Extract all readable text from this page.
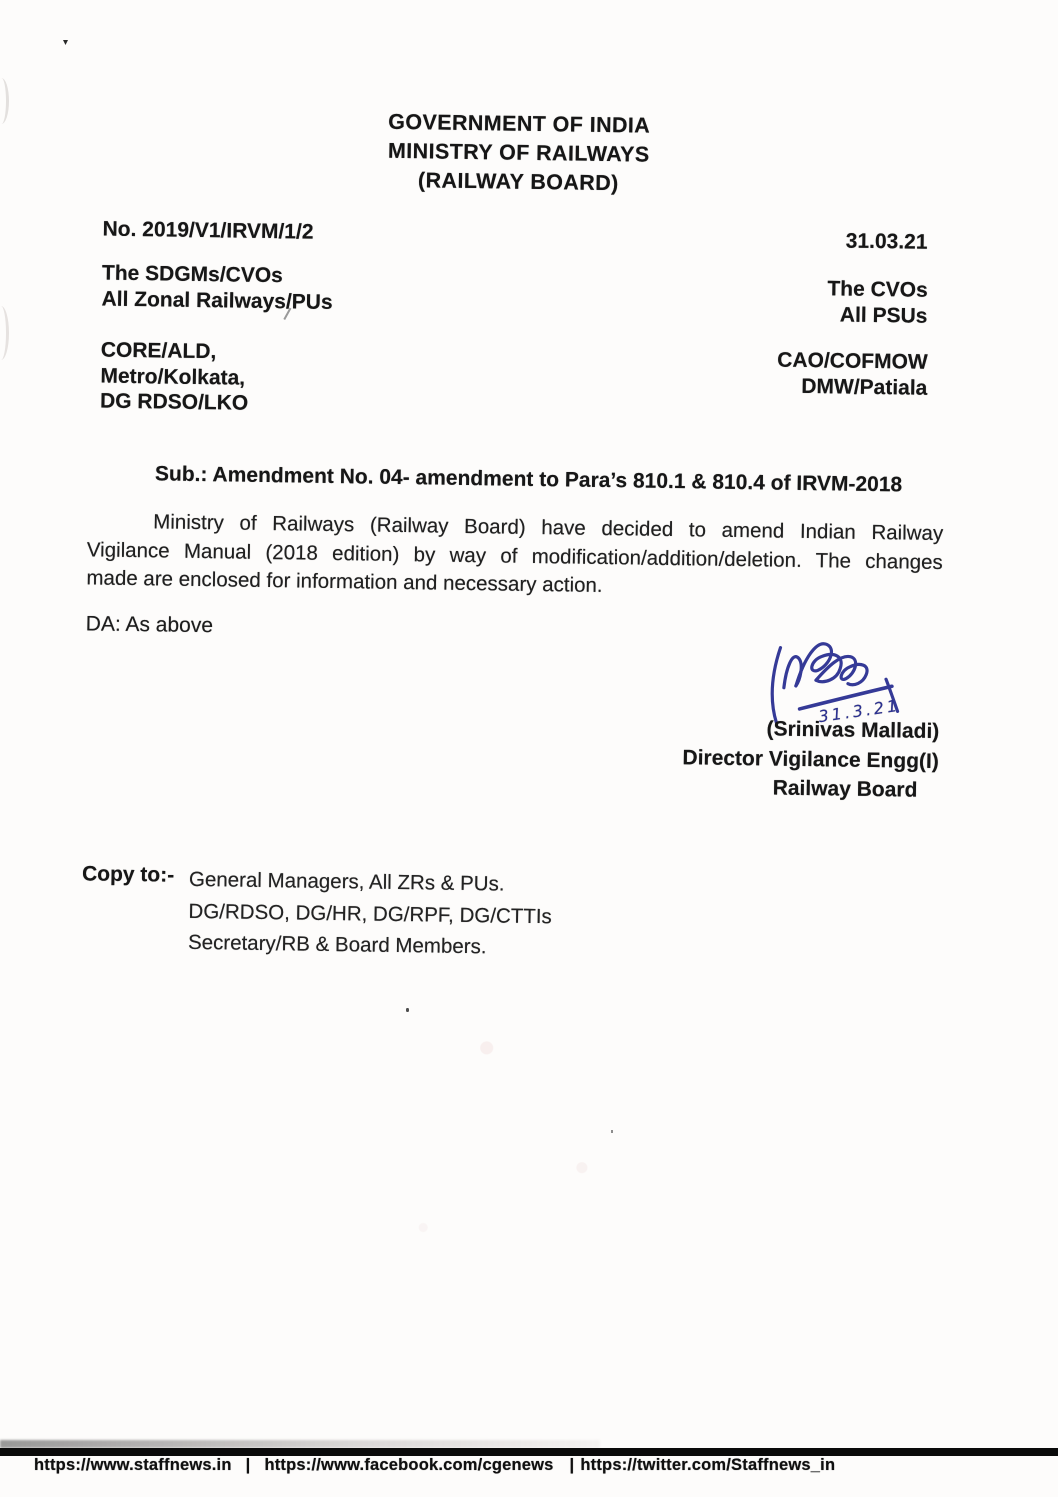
GOVERNMENT OF INDIA
MINISTRY OF RAILWAYS
(RAILWAY BOARD)
No. 2019/V1/IRVM/1/2	31.03.21
The SDGMs/CVOs
All Zonal Railways/PUs
CORE/ALD,
Metro/Kolkata,
DG RDSO/LKO
The CVOs
All PSUs
CAO/COFMOW
DMW/Patiala
Sub.: Amendment No. 04- amendment to Para’s 810.1 & 810.4 of IRVM-2018
Ministry of Railways (Railway Board) have decided to amend Indian Railway
Vigilance Manual (2018 edition) by way of modification/addition/deletion. The changes
made are enclosed for information and necessary action.
DA: As above
31.3.21
(Srinivas Malladi)
Director Vigilance Engg(I)
Railway Board
Copy to:- General Managers, All ZRs & PUs.
DG/RDSO, DG/HR, DG/RPF, DG/CTTIs
Secretary/RB & Board Members.
https://www.staffnews.in | https://www.facebook.com/cgenews | https://twitter.com/Staffnews_in
